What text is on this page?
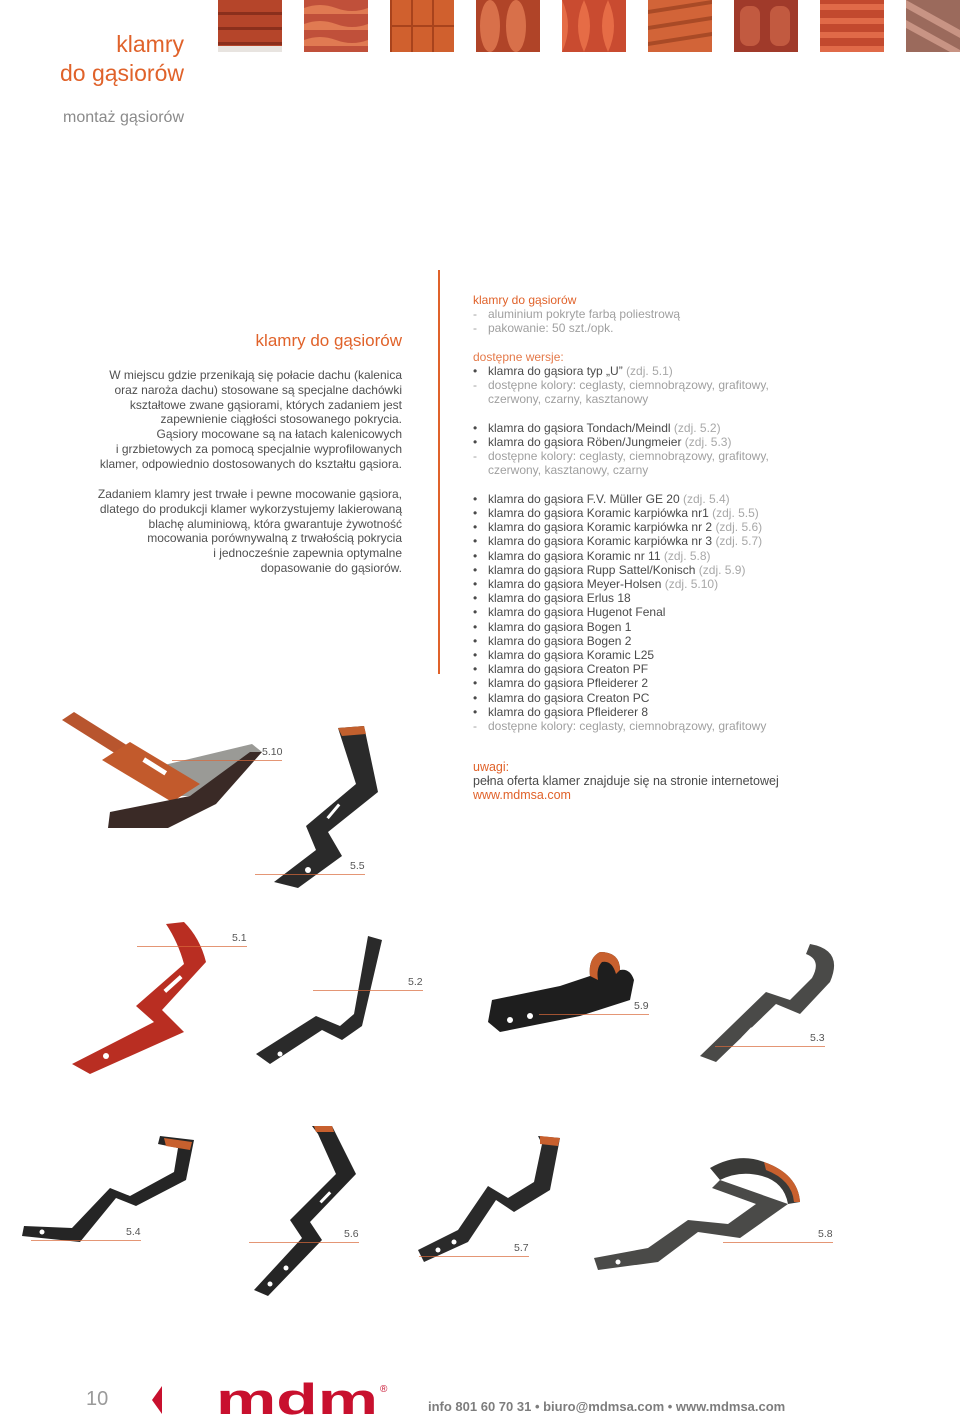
klamry
do gąsiorów
montaż gąsiorów
klamry do gąsiorów
W miejscu gdzie przenikają się połacie dachu (kalenica
oraz naroża dachu) stosowane są specjalne dachówki
kształtowe zwane gąsiorami, których zadaniem jest
zapewnienie ciągłości stosowanego pokrycia.
Gąsiory mocowane są na łatach kalenicowych
i grzbietowych za pomocą specjalnie wyprofilowanych
klamer, odpowiednio dostosowanych do kształtu gąsiora.
Zadaniem klamry jest trwałe i pewne mocowanie gąsiora,
dlatego do produkcji klamer wykorzystujemy lakierowaną
blachę aluminiową, która gwarantuje żywotność
mocowania porównywalną z trwałością pokrycia
i jednocześnie zapewnia optymalne
dopasowanie do gąsiorów.
klamry do gąsiorów
- aluminium pokryte farbą poliestrową
- pakowanie: 50 szt./opk.
dostępne wersje:
• klamra do gąsiora typ „U” (zdj. 5.1)
- dostępne kolory: ceglasty, ciemnobrązowy, grafitowy,
czerwony, czarny, kasztanowy
• klamra do gąsiora Tondach/Meindl (zdj. 5.2)
• klamra do gąsiora Röben/Jungmeier (zdj. 5.3)
- dostępne kolory: ceglasty, ciemnobrązowy, grafitowy,
czerwony, kasztanowy, czarny
• klamra do gąsiora F.V. Müller GE 20 (zdj. 5.4)
• klamra do gąsiora Koramic karpiówka nr1 (zdj. 5.5)
• klamra do gąsiora Koramic karpiówka nr 2 (zdj. 5.6)
• klamra do gąsiora Koramic karpiówka nr 3 (zdj. 5.7)
• klamra do gąsiora Koramic nr 11 (zdj. 5.8)
• klamra do gąsiora Rupp Sattel/Konisch (zdj. 5.9)
• klamra do gąsiora Meyer-Holsen (zdj. 5.10)
• klamra do gąsiora Erlus 18
• klamra do gąsiora Hugenot Fenal
• klamra do gąsiora Bogen 1
• klamra do gąsiora Bogen 2
• klamra do gąsiora Koramic L25
• klamra do gąsiora Creaton PF
• klamra do gąsiora Pfleiderer 2
• klamra do gąsiora Creaton PC
• klamra do gąsiora Pfleiderer 8
- dostępne kolory: ceglasty, ciemnobrązowy, grafitowy
uwagi:
pełna oferta klamer znajduje się na stronie internetowej
www.mdmsa.com
5.10
5.5
5.1
5.2
5.9
5.3
5.4	5.6
5.7
5.8
10 mdm ®
info 801 60 70 31 • biuro@mdmsa.com • www.mdmsa.com
